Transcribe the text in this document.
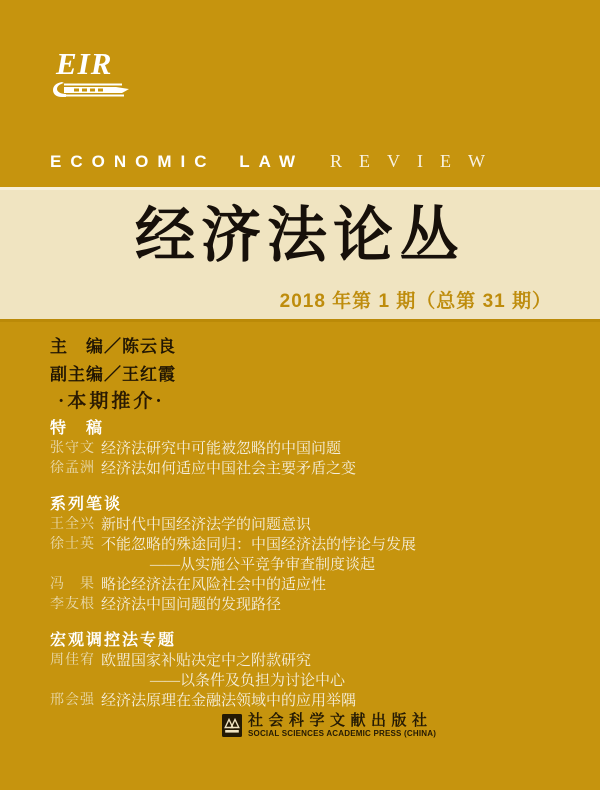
EIR
ECONOMIC LAW REVIEW
经济法论丛
2018 年第 1 期（总第 31 期）
主　编／陈云良
副主编／王红霞
·本期推介·
特　稿
张守文 经济法研究中可能被忽略的中国问题
徐孟洲 经济法如何适应中国社会主要矛盾之变
系列笔谈
王全兴 新时代中国经济法学的问题意识
徐士英 不能忽略的殊途同归：中国经济法的悖论与发展
——从实施公平竞争审查制度谈起
冯　果 略论经济法在风险社会中的适应性
李友根 经济法中国问题的发现路径
宏观调控法专题
周佳宥 欧盟国家补贴决定中之附款研究
——以条件及负担为讨论中心
邢会强 经济法原理在金融法领域中的应用举隅
社会科学文献出版社
SOCIAL SCIENCES ACADEMIC PRESS (CHINA)
